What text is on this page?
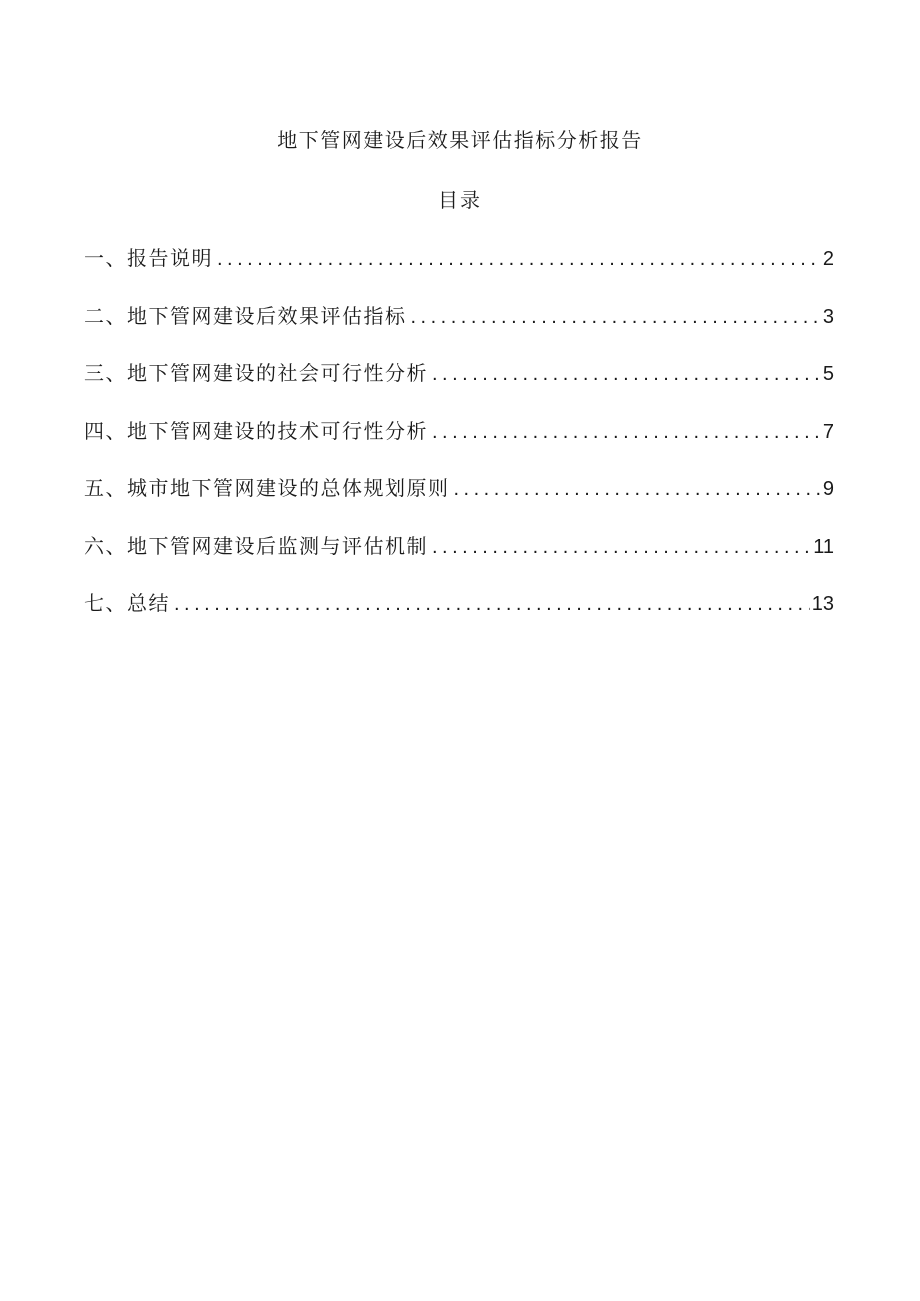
地下管网建设后效果评估指标分析报告
目录
一、报告说明 .....	2
二、地下管网建设后效果评估指标 .....	3
三、地下管网建设的社会可行性分析 .....	5
四、地下管网建设的技术可行性分析 .....	7
五、城市地下管网建设的总体规划原则 .....	9
六、地下管网建设后监测与评估机制 .....	11
七、总结 .....	13
